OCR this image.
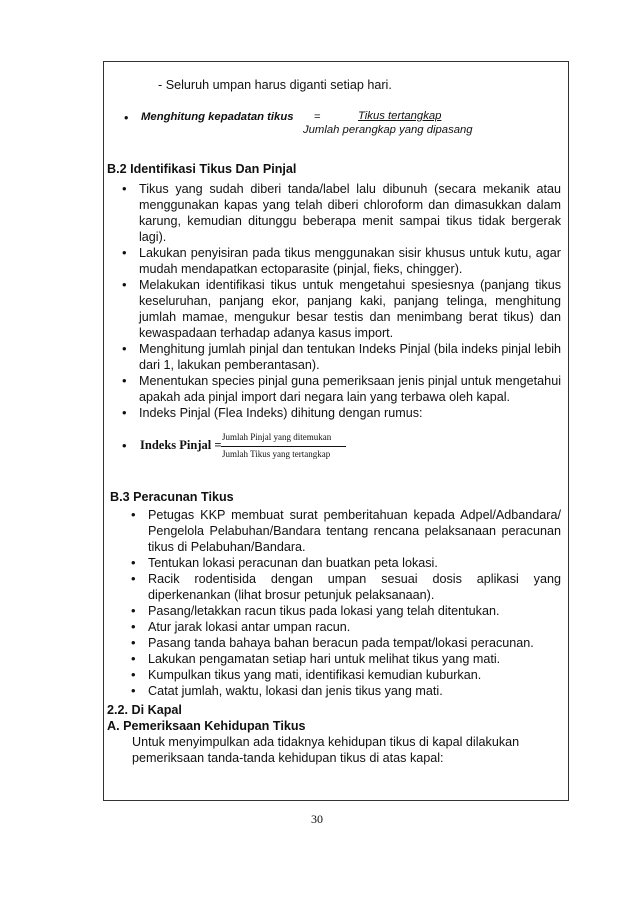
- Seluruh umpan harus diganti setiap hari.
• Menghitung kepadatan tikus =	Tikus tertangkap
Jumlah perangkap yang dipasang
B.2 Identifikasi Tikus Dan Pinjal
• Tikus yang sudah diberi tanda/label lalu dibunuh (secara mekanik atau menggunakan kapas yang telah diberi chloroform dan dimasukkan dalam karung, kemudian ditunggu beberapa menit sampai tikus tidak bergerak lagi).
• Lakukan penyisiran pada tikus menggunakan sisir khusus untuk kutu, agar mudah mendapatkan ectoparasite (pinjal, fieks, chingger).
• Melakukan identifikasi tikus untuk mengetahui spesiesnya (panjang tikus keseluruhan, panjang ekor, panjang kaki, panjang telinga, menghitung jumlah mamae, mengukur besar testis dan menimbang berat tikus) dan kewaspadaan terhadap adanya kasus import.
• Menghitung jumlah pinjal dan tentukan Indeks Pinjal (bila indeks pinjal lebih dari 1, lakukan pemberantasan).
• Menentukan species pinjal guna pemeriksaan jenis pinjal untuk mengetahui apakah ada pinjal import dari negara lain yang terbawa oleh kapal.
• Indeks Pinjal (Flea Indeks) dihitung dengan rumus:
• Indeks Pinjal =
Jumlah Pinjal yang ditemukan
Jumlah Tikus yang tertangkap
B.3 Peracunan Tikus
• Petugas KKP membuat surat pemberitahuan kepada Adpel/Adbandara/ Pengelola Pelabuhan/Bandara tentang rencana pelaksanaan peracunan tikus di Pelabuhan/Bandara.
• Tentukan lokasi peracunan dan buatkan peta lokasi.
• Racik rodentisida dengan umpan sesuai dosis aplikasi yang diperkenankan (lihat brosur petunjuk pelaksanaan).
• Pasang/letakkan racun tikus pada lokasi yang telah ditentukan.
• Atur jarak lokasi antar umpan racun.
• Pasang tanda bahaya bahan beracun pada tempat/lokasi peracunan.
• Lakukan pengamatan setiap hari untuk melihat tikus yang mati.
• Kumpulkan tikus yang mati, identifikasi kemudian kuburkan.
• Catat jumlah, waktu, lokasi dan jenis tikus yang mati.
2.2. Di Kapal
A. Pemeriksaan Kehidupan Tikus
Untuk menyimpulkan ada tidaknya kehidupan tikus di kapal dilakukan
pemeriksaan tanda-tanda kehidupan tikus di atas kapal:
30
